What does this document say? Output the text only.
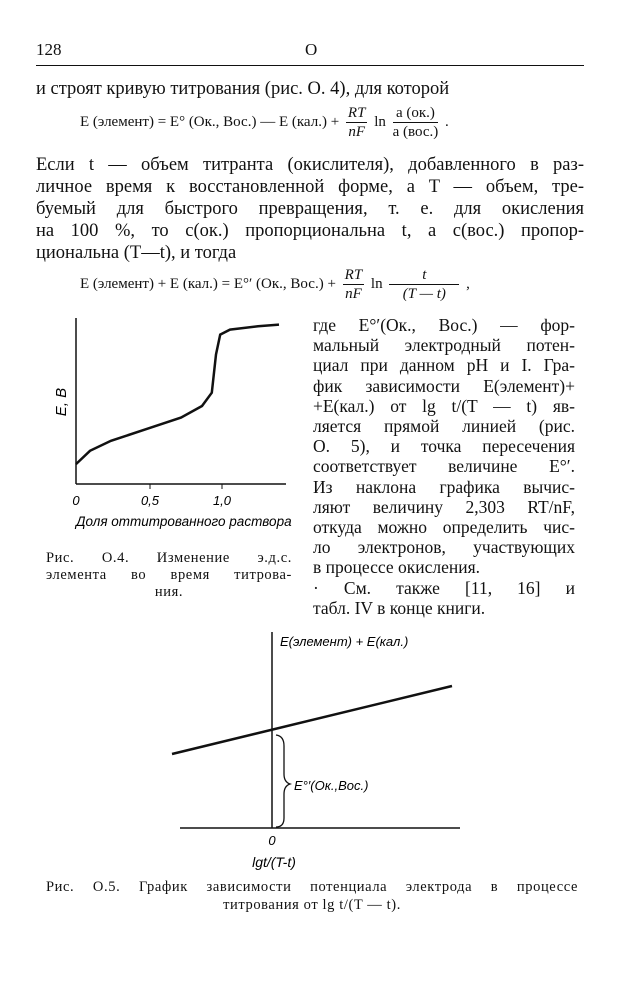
128	О
и строят кривую титрования (рис. О. 4), для которой
E (элемент) = E° (Ок., Вос.) — E $(кал.) + \frac{RT}{nF}$ $\ln \frac{a (ок.)}{\text{a (вос.)}}$ .
Если t — объем титранта (окислителя), добавленного в раз-
личное время к восстановленной форме, а T — объем, тре-
буемый для быстрого превращения, т. е. для окисления
на 100 %, то c(ок.) пропорциональна t, а c(вос.) пропор-
циональна (T—t), и тогда
E (элемент) + E (кал.) = E°′ (Ок., $Вос.) + \frac{RT}{nF}$ $\ln \frac{t}{(T — t)}$ ,
где E°′(Ок., Вос.) — фор-
мальный электродный потен-
циал при данном pH и I. Гра-
фик зависимости E(элемент)+
+E(кал.) от lg t/(T — t) яв-
ляется прямой линией (рис.
О. 5), и точка пересечения
соответствует величине E°′.
Из наклона графика вычис-
ляют величину 2,303 RT/nF,
откуда можно определить чис-
ло электронов, участвующих
в процессе окисления.
· См. также [11, 16] и
табл. IV в конце книги.
E, B
0	0,5	1,0
Доля оттитрованного раствора
Рис. О.4. Изменение э.д.с.
элемента во время титрова-
ния.
E(элемент) + E(кал.)
E°′(Ок.,Вос.)
0
lgt/(T-t)
Рис. О.5. График зависимости потенциала электрода в процессе
титрования от lg t/(T — t).
